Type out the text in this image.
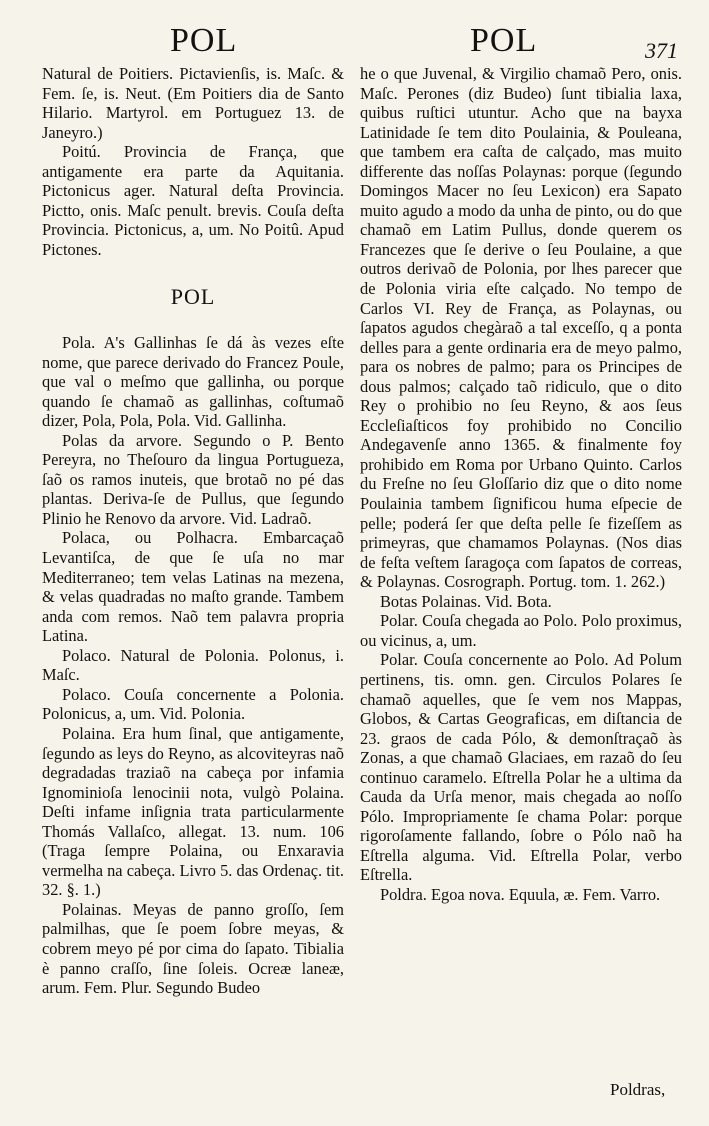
POL	POL	371

Natural de Poitiers. Pictavienſis, is. Maſc. & Fem. ſe, is. Neut. (Em Poitiers dia de Santo Hilario. Martyrol. em Portuguez 13. de Janeyro.)

Poitú. Provincia de França, que antigamente era parte da Aquitania. Pictonicus ager. Natural deſta Provincia. Pictto, onis. Maſc penult. brevis. Couſa deſta Provincia. Pictonicus, a, um. No Poitû. Apud Pictones.

POL

Pola. A's Gallinhas ſe dá às vezes eſte nome, que parece derivado do Francez Poule, que val o meſmo que gallinha, ou porque quando ſe chamaõ as gallinhas, coſtumaõ dizer, Pola, Pola, Pola. Vid. Gallinha.

Polas da arvore. Segundo o P. Bento Pereyra, no Theſouro da lingua Portugueza, ſaõ os ramos inuteis, que brotaõ no pé das plantas. Deriva-ſe de Pullus, que ſegundo Plinio he Renovo da arvore. Vid. Ladraõ.

Polaca, ou Polhacra. Embarcaçaõ Levantiſca, de que ſe uſa no mar Mediterraneo; tem velas Latinas na mezena, & velas quadradas no maſto grande. Tambem anda com remos. Naõ tem palavra propria Latina.

Polaco. Natural de Polonia. Polonus, i. Maſc.

Polaco. Couſa concernente a Polonia. Polonicus, a, um. Vid. Polonia.

Polaina. Era hum ſinal, que antigamente, ſegundo as leys do Reyno, as alcoviteyras naõ degradadas traziaõ na cabeça por infamia Ignominioſa lenocinii nota, vulgò Polaina. Deſti infame inſignia trata particularmente Thomás Vallaſco, allegat. 13. num. 106 (Traga ſempre Polaina, ou Enxaravia vermelha na cabeça. Livro 5. das Ordenaç. tit. 32. §. 1.)

Polainas. Meyas de panno groſſo, ſem palmilhas, que ſe poem ſobre meyas, & cobrem meyo pé por cima do ſapato. Tibialia è panno craſſo, ſine ſoleis. Ocreæ laneæ, arum. Fem. Plur. Segundo Budeo

he o que Juvenal, & Virgilio chamaõ Pero, onis. Maſc. Perones (diz Budeo) ſunt tibialia laxa, quibus ruſtici utuntur. Acho que na bayxa Latinidade ſe tem dito Poulainia, & Pouleana, que tambem era caſta de calçado, mas muito differente das noſſas Polaynas: porque (ſegundo Domingos Macer no ſeu Lexicon) era Sapato muito agudo a modo da unha de pinto, ou do que chamaõ em Latim Pullus, donde querem os Francezes que ſe derive o ſeu Poulaine, a que outros derivaõ de Polonia, por lhes parecer que de Polonia viria eſte calçado. No tempo de Carlos VI. Rey de França, as Polaynas, ou ſapatos agudos chegàraõ a tal exceſſo, q a ponta delles para a gente ordinaria era de meyo palmo, para os nobres de palmo; para os Principes de dous palmos; calçado taõ ridiculo, que o dito Rey o prohibio no ſeu Reyno, & aos ſeus Eccleſiaſticos foy prohibido no Concilio Andegavenſe anno 1365. & finalmente foy prohibido em Roma por Urbano Quinto. Carlos du Freſne no ſeu Gloſſario diz que o dito nome Poulainia tambem ſignificou huma eſpecie de pelle; poderá ſer que deſta pelle ſe fizeſſem as primeyras, que chamamos Polaynas. (Nos dias de feſta veſtem ſaragoça com ſapatos de correas, & Polaynas. Cosrograph. Portug. tom. 1. 262.)

Botas Polainas. Vid. Bota.

Polar. Couſa chegada ao Polo. Polo proximus, ou vicinus, a, um.

Polar. Couſa concernente ao Polo. Ad Polum pertinens, tis. omn. gen. Circulos Polares ſe chamaõ aquelles, que ſe vem nos Mappas, Globos, & Cartas Geograficas, em diſtancia de 23. graos de cada Pólo, & demonſtraçaõ às Zonas, a que chamaõ Glaciaes, em razaõ do ſeu continuo caramelo. Eſtrella Polar he a ultima da Cauda da Urſa menor, mais chegada ao noſſo Pólo. Impropriamente ſe chama Polar: porque rigoroſamente fallando, ſobre o Pólo naõ ha Eſtrella alguma. Vid. Eſtrella Polar, verbo Eſtrella.

Poldra. Egoa nova. Equula, æ. Fem. Varro.

Poldras,
